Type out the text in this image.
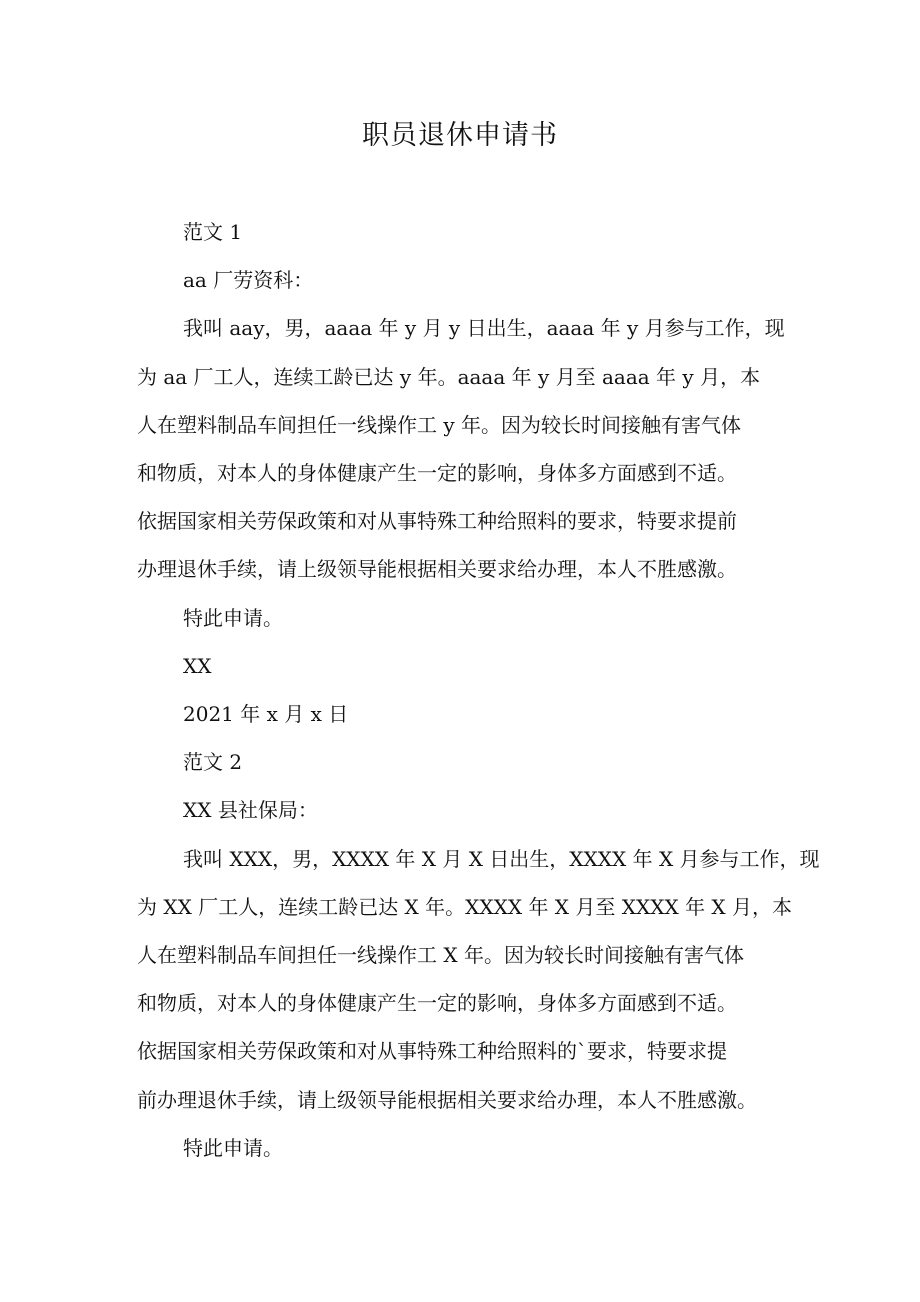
职员退休申请书

范文 1

aa 厂劳资科：

我叫 aay，男，aaaa 年 y 月 y 日出生，aaaa 年 y 月参与工作，现

为 aa 厂工人，连续工龄已达 y 年。aaaa 年 y 月至 aaaa 年 y 月，本

人在塑料制品车间担任一线操作工 y 年。因为较长时间接触有害气体

和物质，对本人的身体健康产生一定的影响，身体多方面感到不适。

依据国家相关劳保政策和对从事特殊工种给照料的要求，特要求提前

办理退休手续，请上级领导能根据相关要求给办理，本人不胜感激。

特此申请。

XX

2021 年 x 月 x 日

范文 2

XX 县社保局：

我叫 XXX，男，XXXX 年 X 月 X 日出生，XXXX 年 X 月参与工作，现

为 XX 厂工人，连续工龄已达 X 年。XXXX 年 X 月至 XXXX 年 X 月，本

人在塑料制品车间担任一线操作工 X 年。因为较长时间接触有害气体

和物质，对本人的身体健康产生一定的影响，身体多方面感到不适。

依据国家相关劳保政策和对从事特殊工种给照料的`要求，特要求提

前办理退休手续，请上级领导能根据相关要求给办理，本人不胜感激。

特此申请。
